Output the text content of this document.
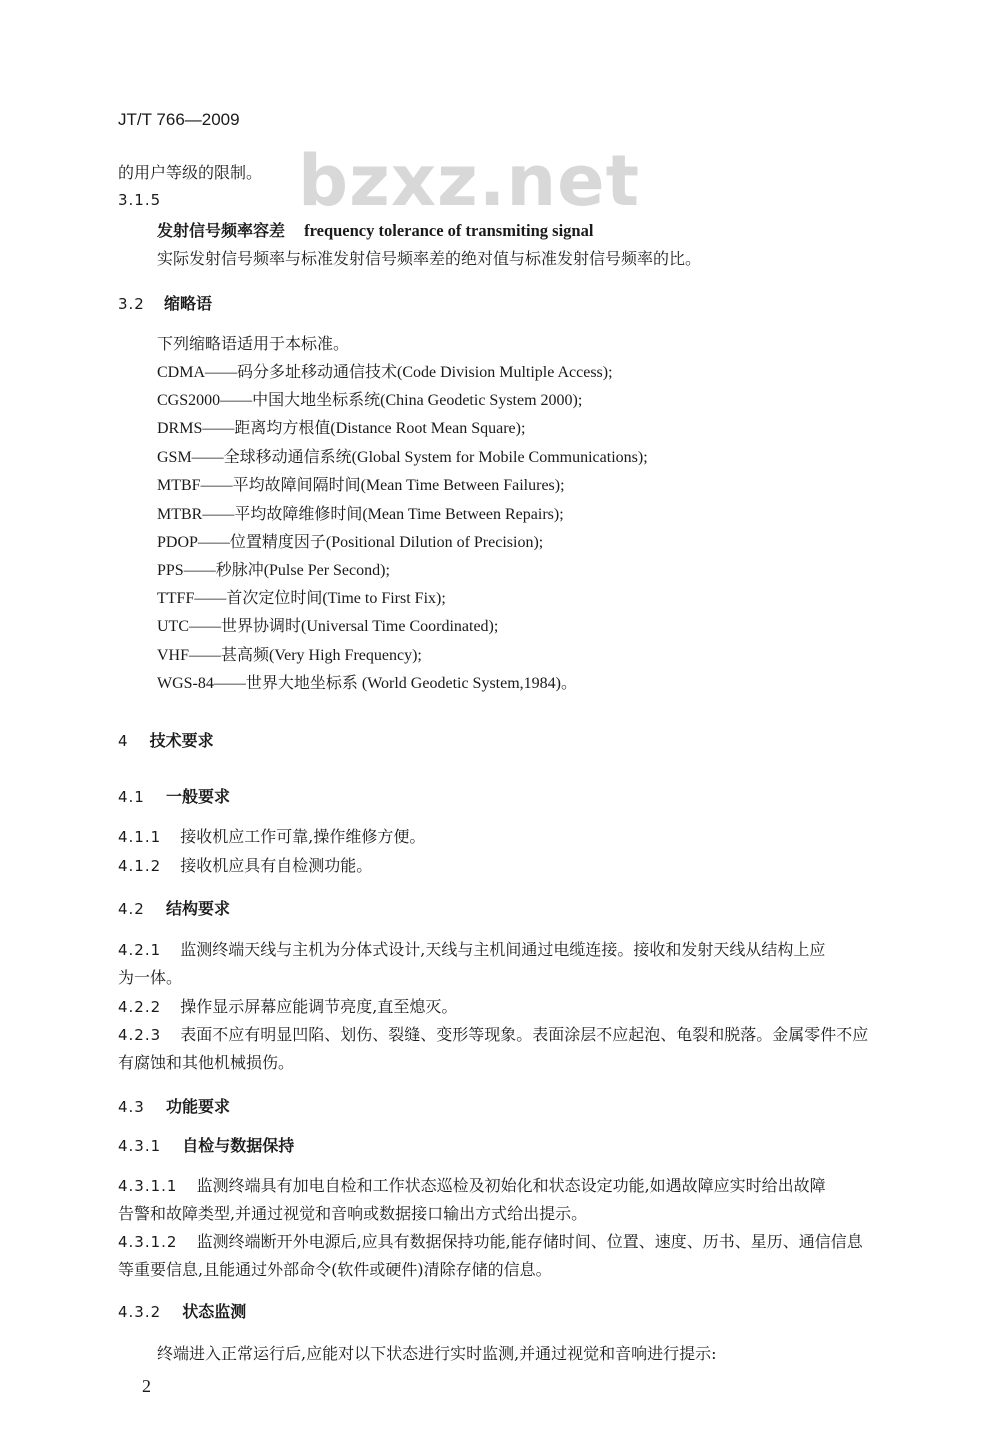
JT/T 766—2009
bzxz.net
的用户等级的限制。
3.1.5
发射信号频率容差 frequency tolerance of transmiting signal
实际发射信号频率与标准发射信号频率差的绝对值与标准发射信号频率的比。
3.2 缩略语
下列缩略语适用于本标准。
CDMA——码分多址移动通信技术(Code Division Multiple Access);
CGS2000——中国大地坐标系统(China Geodetic System 2000);
DRMS——距离均方根值(Distance Root Mean Square);
GSM——全球移动通信系统(Global System for Mobile Communications);
MTBF——平均故障间隔时间(Mean Time Between Failures);
MTBR——平均故障维修时间(Mean Time Between Repairs);
PDOP——位置精度因子(Positional Dilution of Precision);
PPS——秒脉冲(Pulse Per Second);
TTFF——首次定位时间(Time to First Fix);
UTC——世界协调时(Universal Time Coordinated);
VHF——甚高频(Very High Frequency);
WGS-84——世界大地坐标系 (World Geodetic System,1984)。
4 技术要求
4.1 一般要求
4.1.1 接收机应工作可靠,操作维修方便。
4.1.2 接收机应具有自检测功能。
4.2 结构要求
4.2.1 监测终端天线与主机为分体式设计,天线与主机间通过电缆连接。接收和发射天线从结构上应
为一体。
4.2.2 操作显示屏幕应能调节亮度,直至熄灭。
4.2.3 表面不应有明显凹陷、划伤、裂缝、变形等现象。表面涂层不应起泡、龟裂和脱落。金属零件不应
有腐蚀和其他机械损伤。
4.3 功能要求
4.3.1 自检与数据保持
4.3.1.1 监测终端具有加电自检和工作状态巡检及初始化和状态设定功能,如遇故障应实时给出故障
告警和故障类型,并通过视觉和音响或数据接口输出方式给出提示。
4.3.1.2 监测终端断开外电源后,应具有数据保持功能,能存储时间、位置、速度、历书、星历、通信信息
等重要信息,且能通过外部命令(软件或硬件)清除存储的信息。
4.3.2 状态监测
终端进入正常运行后,应能对以下状态进行实时监测,并通过视觉和音响进行提示:
2
